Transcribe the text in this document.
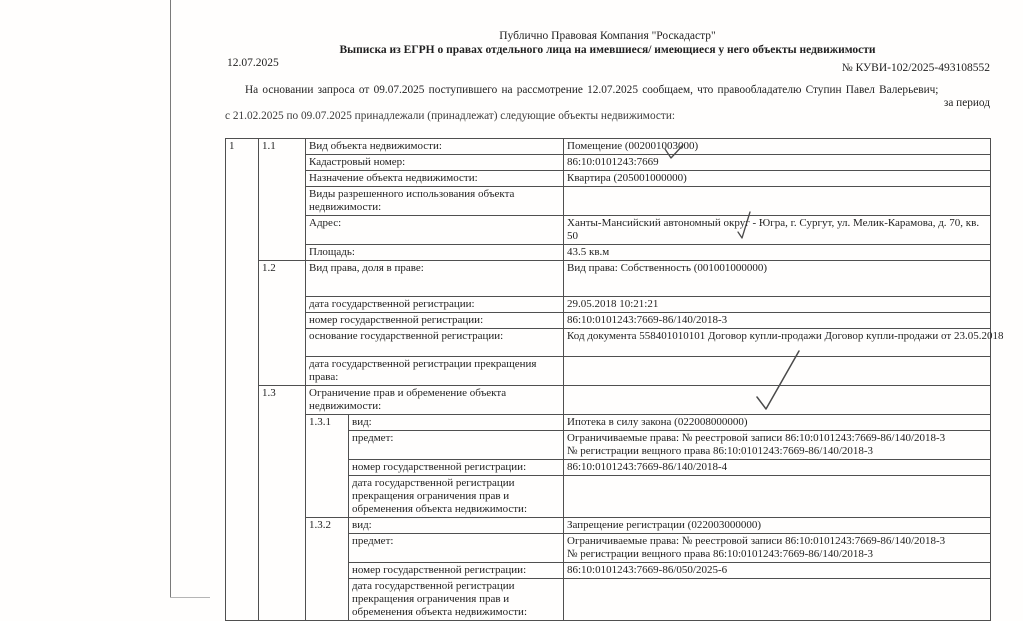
Публично Правовая Компания "Роскадастр"
Выписка из ЕГРН о правах отдельного лица на имевшиеся/ имеющиеся у него объекты недвижимости
12.07.2025	№ КУВИ-102/2025-493108552
На основании запроса от 09.07.2025 поступившего на рассмотрение 12.07.2025 сообщаем, что правообладателю Ступин Павел Валерьевич;
за период
с 21.02.2025 по 09.07.2025 принадлежали (принадлежат) следующие объекты недвижимости:
1	1.1	Вид объекта недвижимости:		Помещение (002001003000)
		Кадастровый номер:		86:10:0101243:7669
		Назначение объекта недвижимости:		Квартира (205001000000)
		Виды разрешенного использования объекта недвижимости:		
		Адрес:		Ханты-Мансийский автономный округ - Югра, г. Сургут, ул. Мелик-Карамова, д. 70, кв. 50
		Площадь:		43.5 кв.м
	1.2	Вид права, доля в праве:		Вид права: Собственность (001001000000)
		дата государственной регистрации:		29.05.2018 10:21:21
		номер государственной регистрации:		86:10:0101243:7669-86/140/2018-3
		основание государственной регистрации:		Код документа 558401010101 Договор купли-продажи Договор купли-продажи от 23.05.2018

		дата государственной регистрации прекращения права:		
	1.3	Ограничение прав и обременение объекта недвижимости:		
		1.3.1	вид:	Ипотека в силу закона (022008000000)
			предмет:	Ограничиваемые права: № реестровой записи 86:10:0101243:7669-86/140/2018-3
№ регистрации вещного права 86:10:0101243:7669-86/140/2018-3

			номер государственной регистрации:	86:10:0101243:7669-86/140/2018-4
			дата государственной регистрации прекращения ограничения прав и обременения объекта недвижимости:	
		1.3.2	вид:	Запрещение регистрации (022003000000)
			предмет:	Ограничиваемые права: № реестровой записи 86:10:0101243:7669-86/140/2018-3
№ регистрации вещного права 86:10:0101243:7669-86/140/2018-3

			номер государственной регистрации:	86:10:0101243:7669-86/050/2025-6
			дата государственной регистрации прекращения ограничения прав и обременения объекта недвижимости:	
